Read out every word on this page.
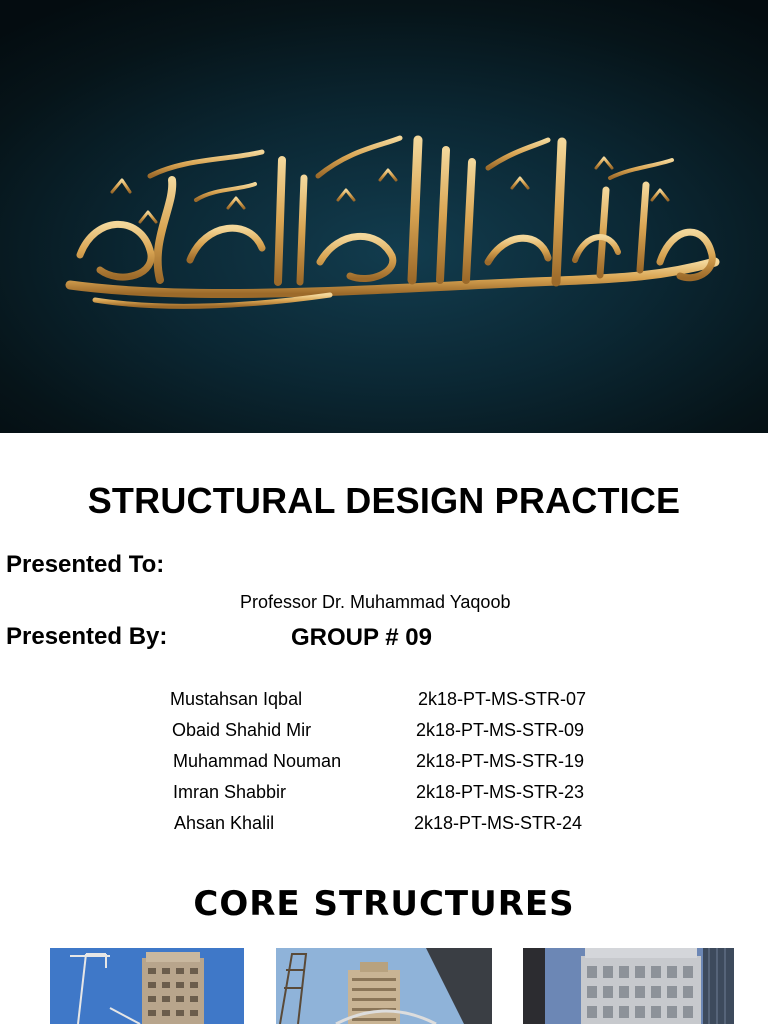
STRUCTURAL DESIGN PRACTICE
Presented To:
Professor Dr. Muhammad Yaqoob
Presented By:	GROUP # 09
Mustahsan Iqbal	2k18-PT-MS-STR-07
Obaid Shahid Mir	2k18-PT-MS-STR-09
Muhammad Nouman	2k18-PT-MS-STR-19
Imran Shabbir	2k18-PT-MS-STR-23
Ahsan Khalil	2k18-PT-MS-STR-24
CORE STRUCTURES
